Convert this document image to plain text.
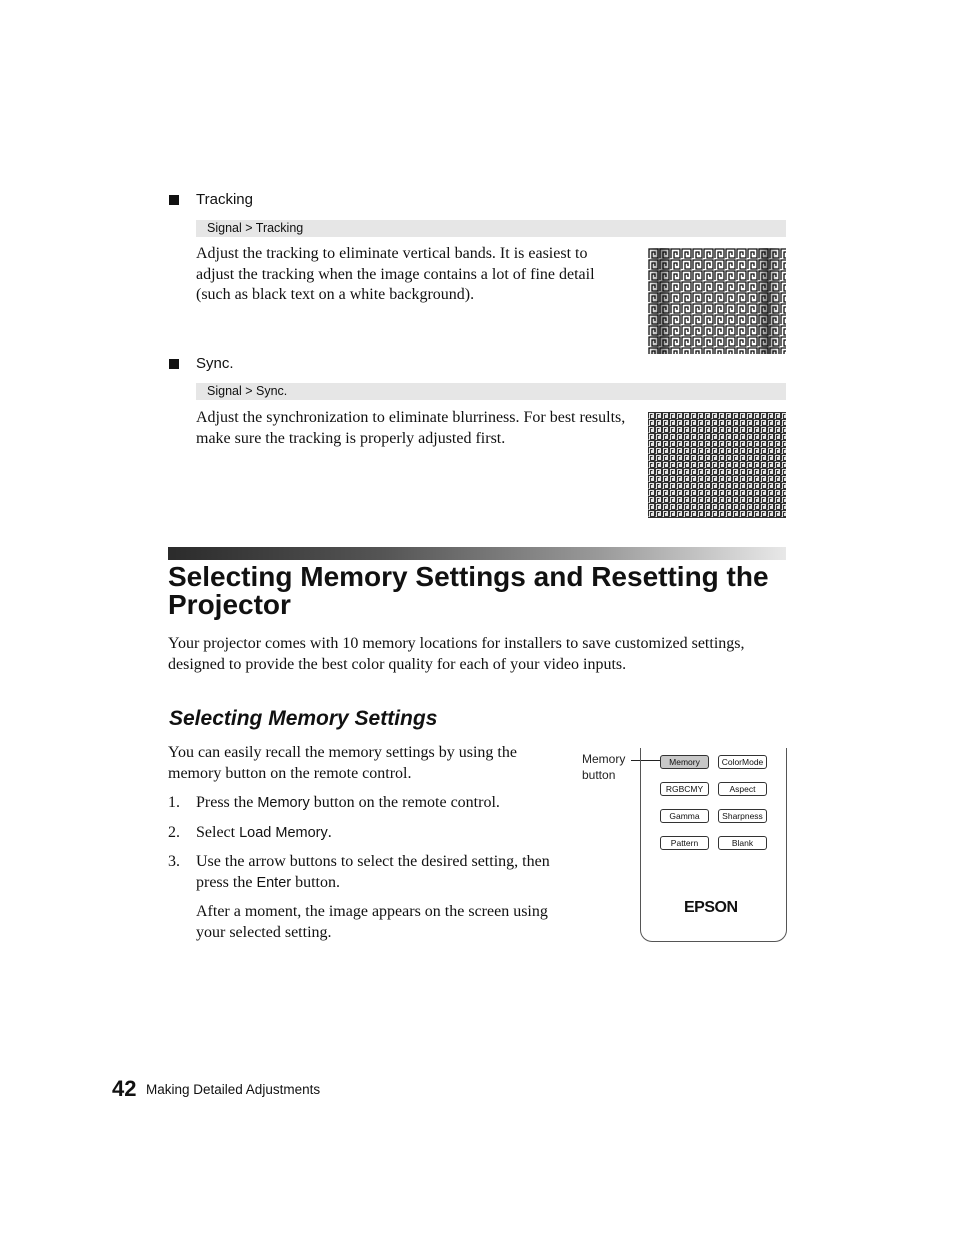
Tracking
Signal > Tracking
Adjust the tracking to eliminate vertical bands. It is easiest to adjust the tracking when the image contains a lot of fine detail (such as black text on a white background).
Sync.
Signal > Sync.
Adjust the synchronization to eliminate blurriness. For best results, make sure the tracking is properly adjusted first.
Selecting Memory Settings and Resetting the Projector
Your projector comes with 10 memory locations for installers to save customized settings, designed to provide the best color quality for each of your video inputs.
Selecting Memory Settings
You can easily recall the memory settings by using the memory button on the remote control.
1. Press the Memory button on the remote control.
2. Select Load Memory.
3. Use the arrow buttons to select the desired setting, then press the Enter button.
After a moment, the image appears on the screen using your selected setting.
Memory
button
Memory	ColorMode
RGBCMY	Aspect
Gamma	Sharpness
Pattern	Blank
EPSON
42 Making Detailed Adjustments
